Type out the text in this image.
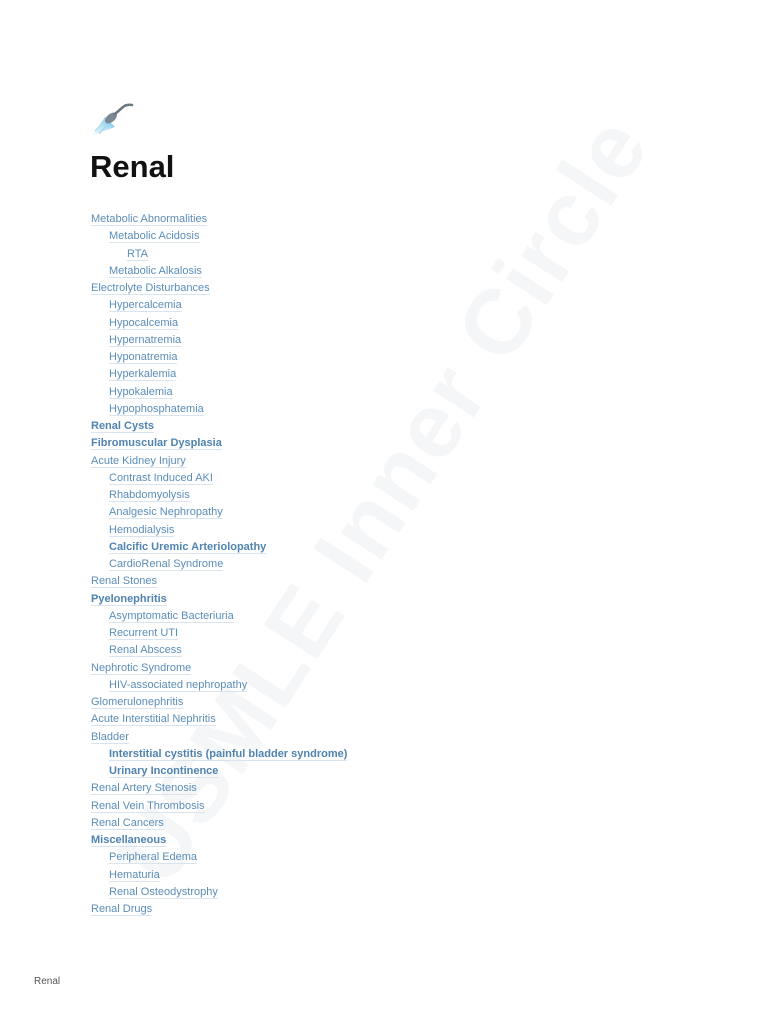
Renal
Metabolic Abnormalities
Metabolic Acidosis
RTA
Metabolic Alkalosis
Electrolyte Disturbances
Hypercalcemia
Hypocalcemia
Hypernatremia
Hyponatremia
Hyperkalemia
Hypokalemia
Hypophosphatemia
Renal Cysts
Fibromuscular Dysplasia
Acute Kidney Injury
Contrast Induced AKI
Rhabdomyolysis
Analgesic Nephropathy
Hemodialysis
Calcific Uremic Arteriolopathy
CardioRenal Syndrome
Renal Stones
Pyelonephritis
Asymptomatic Bacteriuria
Recurrent UTI
Renal Abscess
Nephrotic Syndrome
HIV-associated nephropathy
Glomerulonephritis
Acute Interstitial Nephritis
Bladder
Interstitial cystitis (painful bladder syndrome)
Urinary Incontinence
Renal Artery Stenosis
Renal Vein Thrombosis
Renal Cancers
Miscellaneous
Peripheral Edema
Hematuria
Renal Osteodystrophy
Renal Drugs
Renal
